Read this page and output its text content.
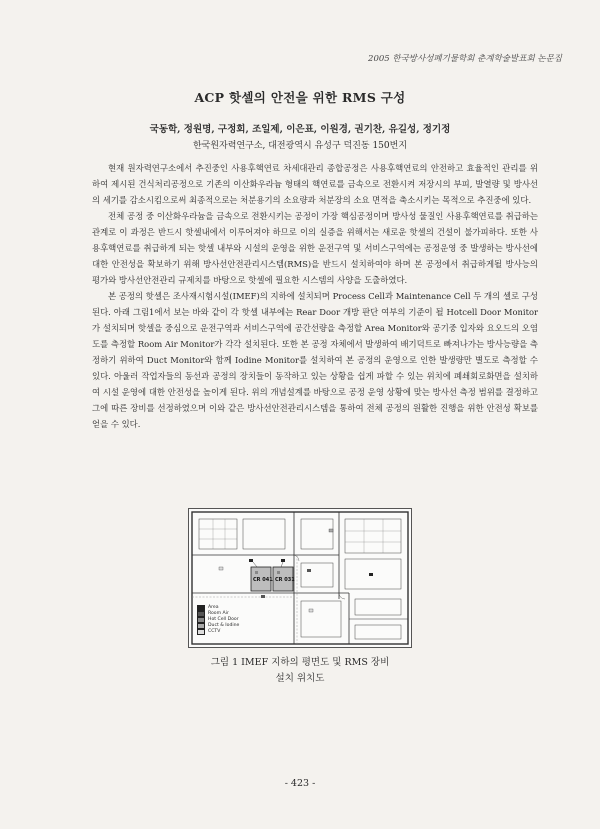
2005 한국방사성폐기물학회 춘계학술발표회 논문집
ACP 핫셀의 안전을 위한 RMS 구성
국동학, 정원명, 구정회, 조일제, 이은표, 이원경, 권기찬, 유길성, 정기정
한국원자력연구소, 대전광역시 유성구 덕진동 150번지

현재 원자력연구소에서 추진중인 사용후핵연료 차세대관리 종합공정은 사용후핵연료의 안전하고 효율적인 관리를 위하여 제시된 건식처리공정으로 기존의 이산화우라늄 형태의 핵연료를 금속으로 전환시켜 저장시의 부피, 발열량 및 방사선의 세기를 감소시킴으로써 최종적으로는 처분용기의 소요량과 처분장의 소요 면적을 축소시키는 목적으로 추진중에 있다.

전체 공정 중 이산화우라늄을 금속으로 전환시키는 공정이 가장 핵심공정이며 방사성 물질인 사용후핵연료를 취급하는 관계로 이 과정은 반드시 핫셀내에서 이루어져야 하므로 이의 실증을 위해서는 새로운 핫셀의 건설이 불가피하다. 또한 사용후핵연료를 취급하게 되는 핫셀 내부와 시설의 운영을 위한 운전구역 및 서비스구역에는 공정운영 중 발생하는 방사선에 대한 안전성을 확보하기 위해 방사선안전관리시스템(RMS)을 반드시 설치하여야 하며 본 공정에서 취급하게될 방사능의 평가와 방사선안전관리 규제치를 바탕으로 핫셀에 필요한 시스템의 사양을 도출하였다.

본 공정의 핫셀은 조사재시험시설(IMEF)의 지하에 설치되며 Process Cell과 Maintenance Cell 두 개의 셀로 구성된다. 아래 그림1에서 보는 바와 같이 각 핫셀 내부에는 Rear Door 개방 판단 여부의 기준이 될 Hotcell Door Monitor가 설치되며 핫셀을 중심으로 운전구역과 서비스구역에 공간선량을 측정할 Area Monitor와 공기중 입자와 요오드의 오염도를 측정할 Room Air Monitor가 각각 설치된다. 또한 본 공정 자체에서 발생하여 배기덕트로 빠져나가는 방사능량을 측정하기 위하여 Duct Monitor와 함께 Iodine Monitor를 설치하여 본 공정의 운영으로 인한 발생량만 별도로 측정할 수 있다. 아울러 작업자들의 동선과 공정의 장치들이 동작하고 있는 상황을 쉽게 파할 수 있는 위치에 폐쇄회로화면을 설치하여 시설 운영에 대한 안전성을 높이게 된다. 위의 개념설계를 바탕으로 공정 운영 상황에 맞는 방사선 측정 범위를 결정하고 그에 따른 장비를 선정하였으며 이와 같은 방사선안전관리시스템을 통하여 전체 공정의 원활한 진행을 위한 안전성 확보를 얻을 수 있다.

CR 041 CR 031
Area
Room Air
Hot Cell Door
Duct & Iodine
CCTV
그림 1 IMEF 지하의 평면도 및 RMS 장비
설치 위치도
- 423 -
